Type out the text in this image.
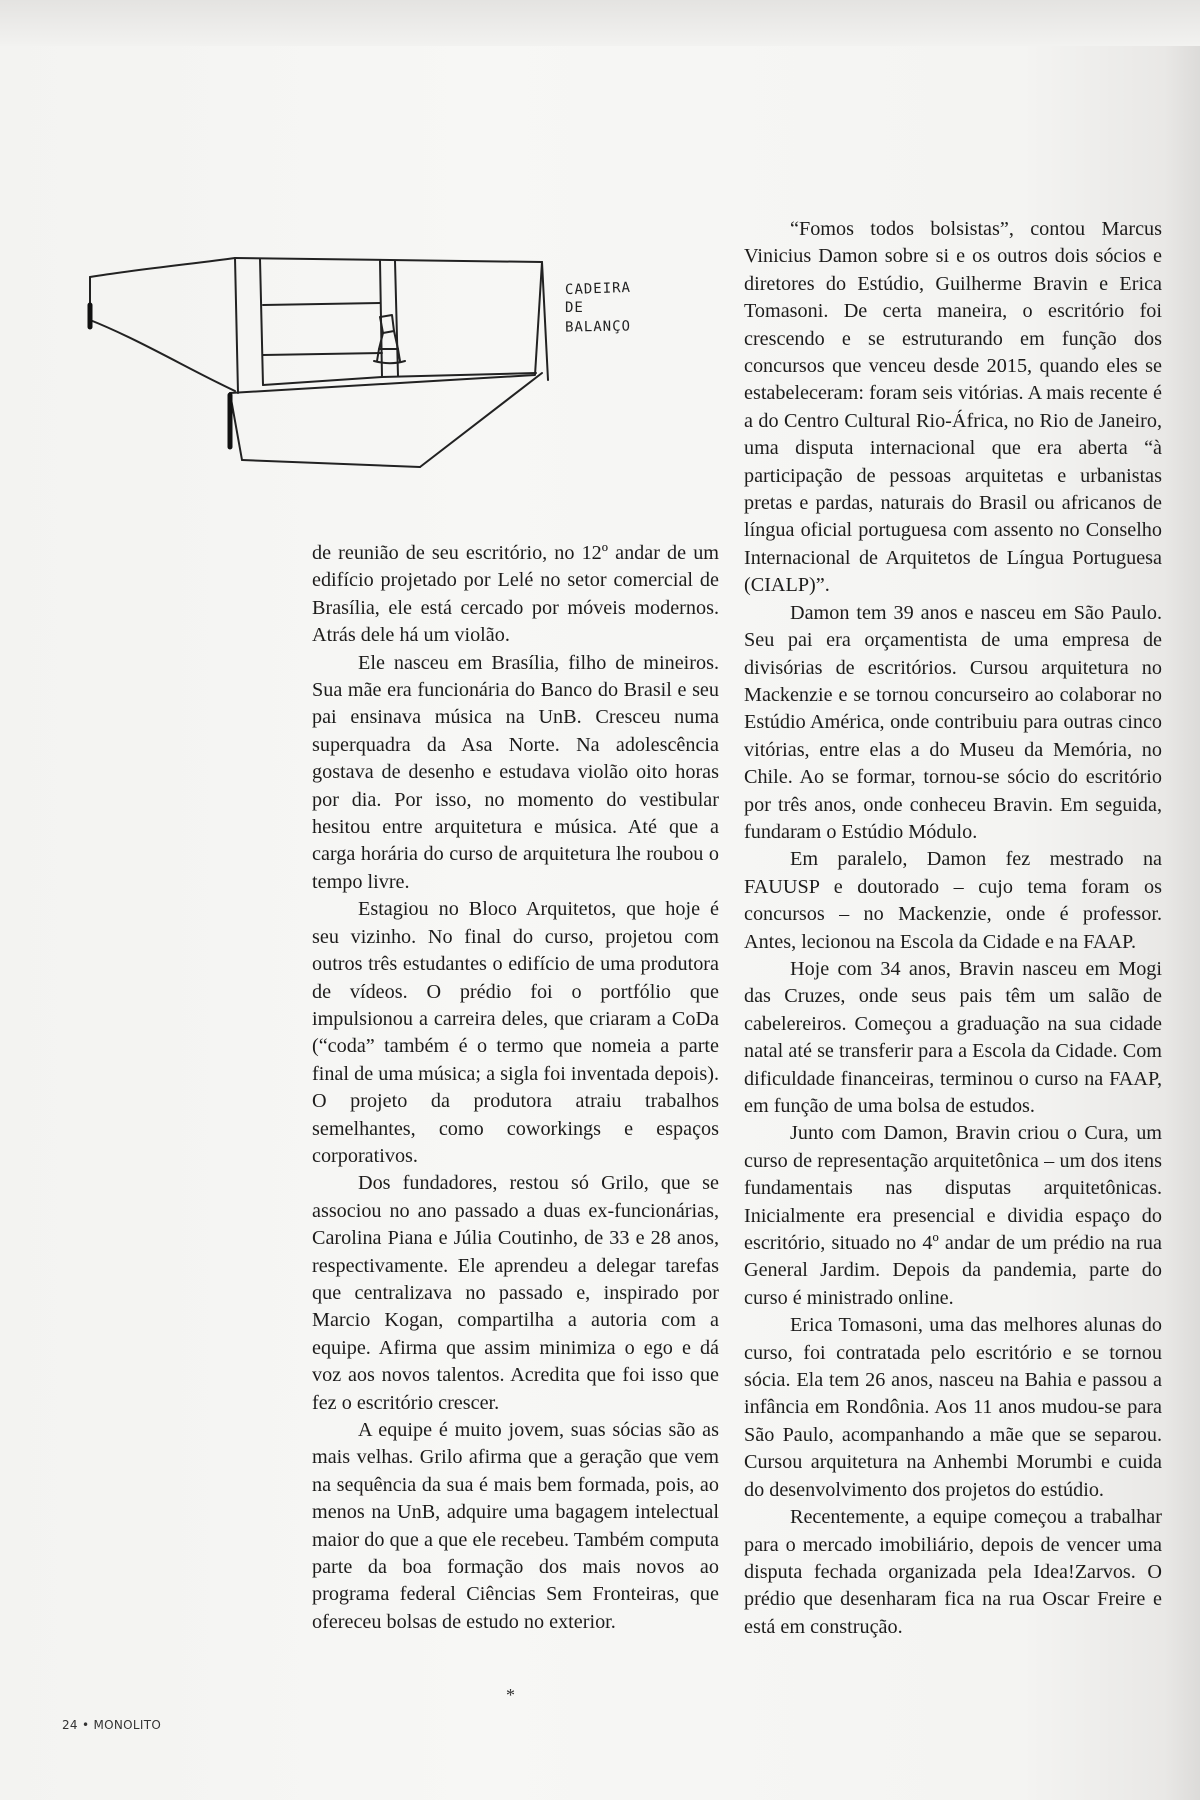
CADEIRA
DE
BALANÇO

de reunião de seu escritório, no 12º andar de um edifício projetado por Lelé no setor comercial de Brasília, ele está cercado por móveis modernos. Atrás dele há um violão.

Ele nasceu em Brasília, filho de mineiros. Sua mãe era funcionária do Banco do Brasil e seu pai ensinava música na UnB. Cresceu numa superquadra da Asa Norte. Na adolescência gostava de desenho e estudava violão oito horas por dia. Por isso, no momento do vestibular hesitou entre arquitetura e música. Até que a carga horária do curso de arquitetura lhe roubou o tempo livre.

Estagiou no Bloco Arquitetos, que hoje é seu vizinho. No final do curso, projetou com outros três estudantes o edifício de uma produtora de vídeos. O prédio foi o portfólio que impulsionou a carreira deles, que criaram a CoDa (“coda” também é o termo que nomeia a parte final de uma música; a sigla foi inventada depois). O projeto da produtora atraiu trabalhos semelhantes, como coworkings e espaços corporativos.

Dos fundadores, restou só Grilo, que se associou no ano passado a duas ex-funcionárias, Carolina Piana e Júlia Coutinho, de 33 e 28 anos, respectivamente. Ele aprendeu a delegar tarefas que centralizava no passado e, inspirado por Marcio Kogan, compartilha a autoria com a equipe. Afirma que assim minimiza o ego e dá voz aos novos talentos. Acredita que foi isso que fez o escritório crescer.

A equipe é muito jovem, suas sócias são as mais velhas. Grilo afirma que a geração que vem na sequência da sua é mais bem formada, pois, ao menos na UnB, adquire uma bagagem intelectual maior do que a que ele recebeu. Também computa parte da boa formação dos mais novos ao programa federal Ciências Sem Fronteiras, que ofereceu bolsas de estudo no exterior.

“Fomos todos bolsistas”, contou Marcus Vinicius Damon sobre si e os outros dois sócios e diretores do Estúdio, Guilherme Bravin e Erica Tomasoni. De certa maneira, o escritório foi crescendo e se estruturando em função dos concursos que venceu desde 2015, quando eles se estabeleceram: foram seis vitórias. A mais recente é a do Centro Cultural Rio-África, no Rio de Janeiro, uma disputa internacional que era aberta “à participação de pessoas arquitetas e urbanistas pretas e pardas, naturais do Brasil ou africanos de língua oficial portuguesa com assento no Conselho Internacional de Arquitetos de Língua Portuguesa (CIALP)”.

Damon tem 39 anos e nasceu em São Paulo. Seu pai era orçamentista de uma empresa de divisórias de escritórios. Cursou arquitetura no Mackenzie e se tornou concurseiro ao colaborar no Estúdio América, onde contribuiu para outras cinco vitórias, entre elas a do Museu da Memória, no Chile. Ao se formar, tornou-se sócio do escritório por três anos, onde conheceu Bravin. Em seguida, fundaram o Estúdio Módulo.

Em paralelo, Damon fez mestrado na FAUUSP e doutorado – cujo tema foram os concursos – no Mackenzie, onde é professor. Antes, lecionou na Escola da Cidade e na FAAP.

Hoje com 34 anos, Bravin nasceu em Mogi das Cruzes, onde seus pais têm um salão de cabelereiros. Começou a graduação na sua cidade natal até se transferir para a Escola da Cidade. Com dificuldade financeiras, terminou o curso na FAAP, em função de uma bolsa de estudos.

Junto com Damon, Bravin criou o Cura, um curso de representação arquitetônica – um dos itens fundamentais nas disputas arquitetônicas. Inicialmente era presencial e dividia espaço do escritório, situado no 4º andar de um prédio na rua General Jardim. Depois da pandemia, parte do curso é ministrado online.

Erica Tomasoni, uma das melhores alunas do curso, foi contratada pelo escritório e se tornou sócia. Ela tem 26 anos, nasceu na Bahia e passou a infância em Rondônia. Aos 11 anos mudou-se para São Paulo, acompanhando a mãe que se separou. Cursou arquitetura na Anhembi Morumbi e cuida do desenvolvimento dos projetos do estúdio.

Recentemente, a equipe começou a trabalhar para o mercado imobiliário, depois de vencer uma disputa fechada organizada pela Idea!Zarvos. O prédio que desenharam fica na rua Oscar Freire e está em construção.

*
24 • MONOLITO
